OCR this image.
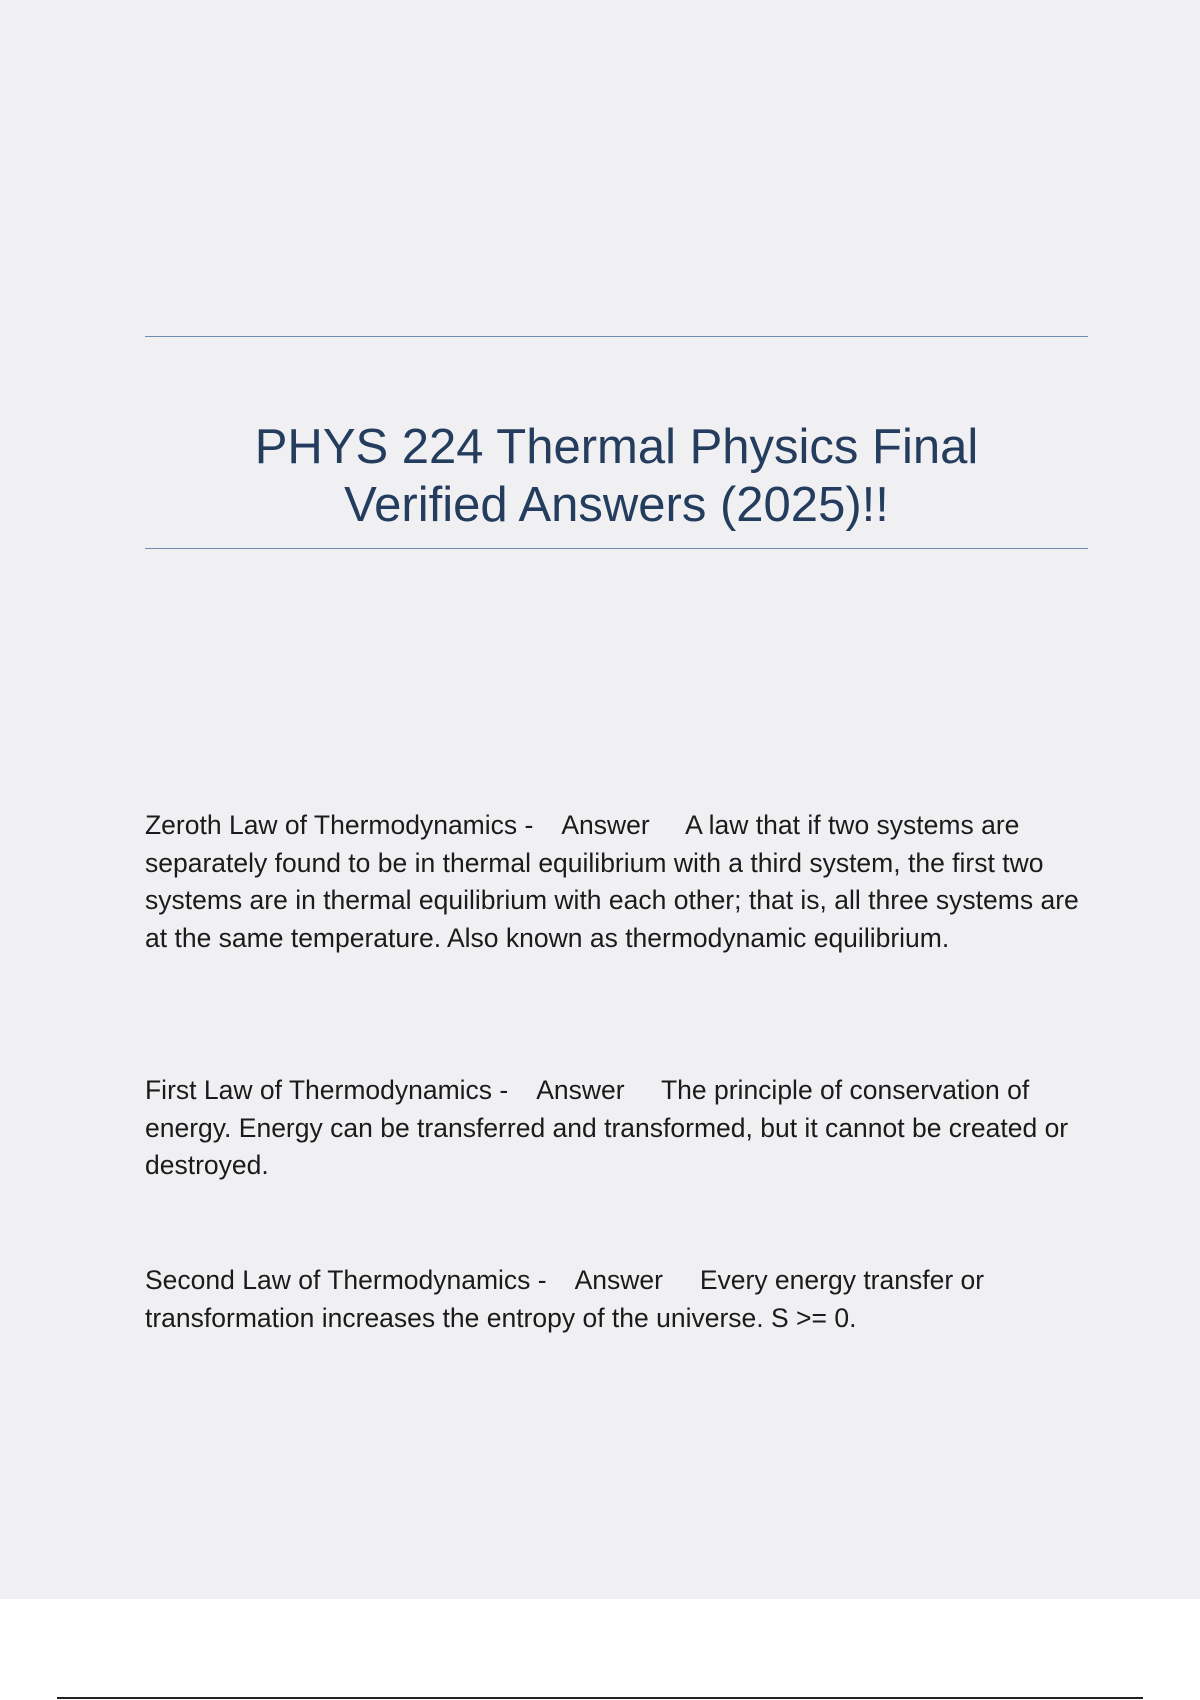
PHYS 224 Thermal Physics Final
Verified Answers (2025)!!

Zeroth Law of Thermodynamics -    Answer A law that if two systems are separately found to be in thermal equilibrium with a third system, the first two systems are in thermal equilibrium with each other; that is, all three systems are at the same temperature. Also known as thermodynamic equilibrium.

First Law of Thermodynamics -    Answer The principle of conservation of energy. Energy can be transferred and transformed, but it cannot be created or destroyed.

Second Law of Thermodynamics -    Answer Every energy transfer or transformation increases the entropy of the universe. S >= 0.
